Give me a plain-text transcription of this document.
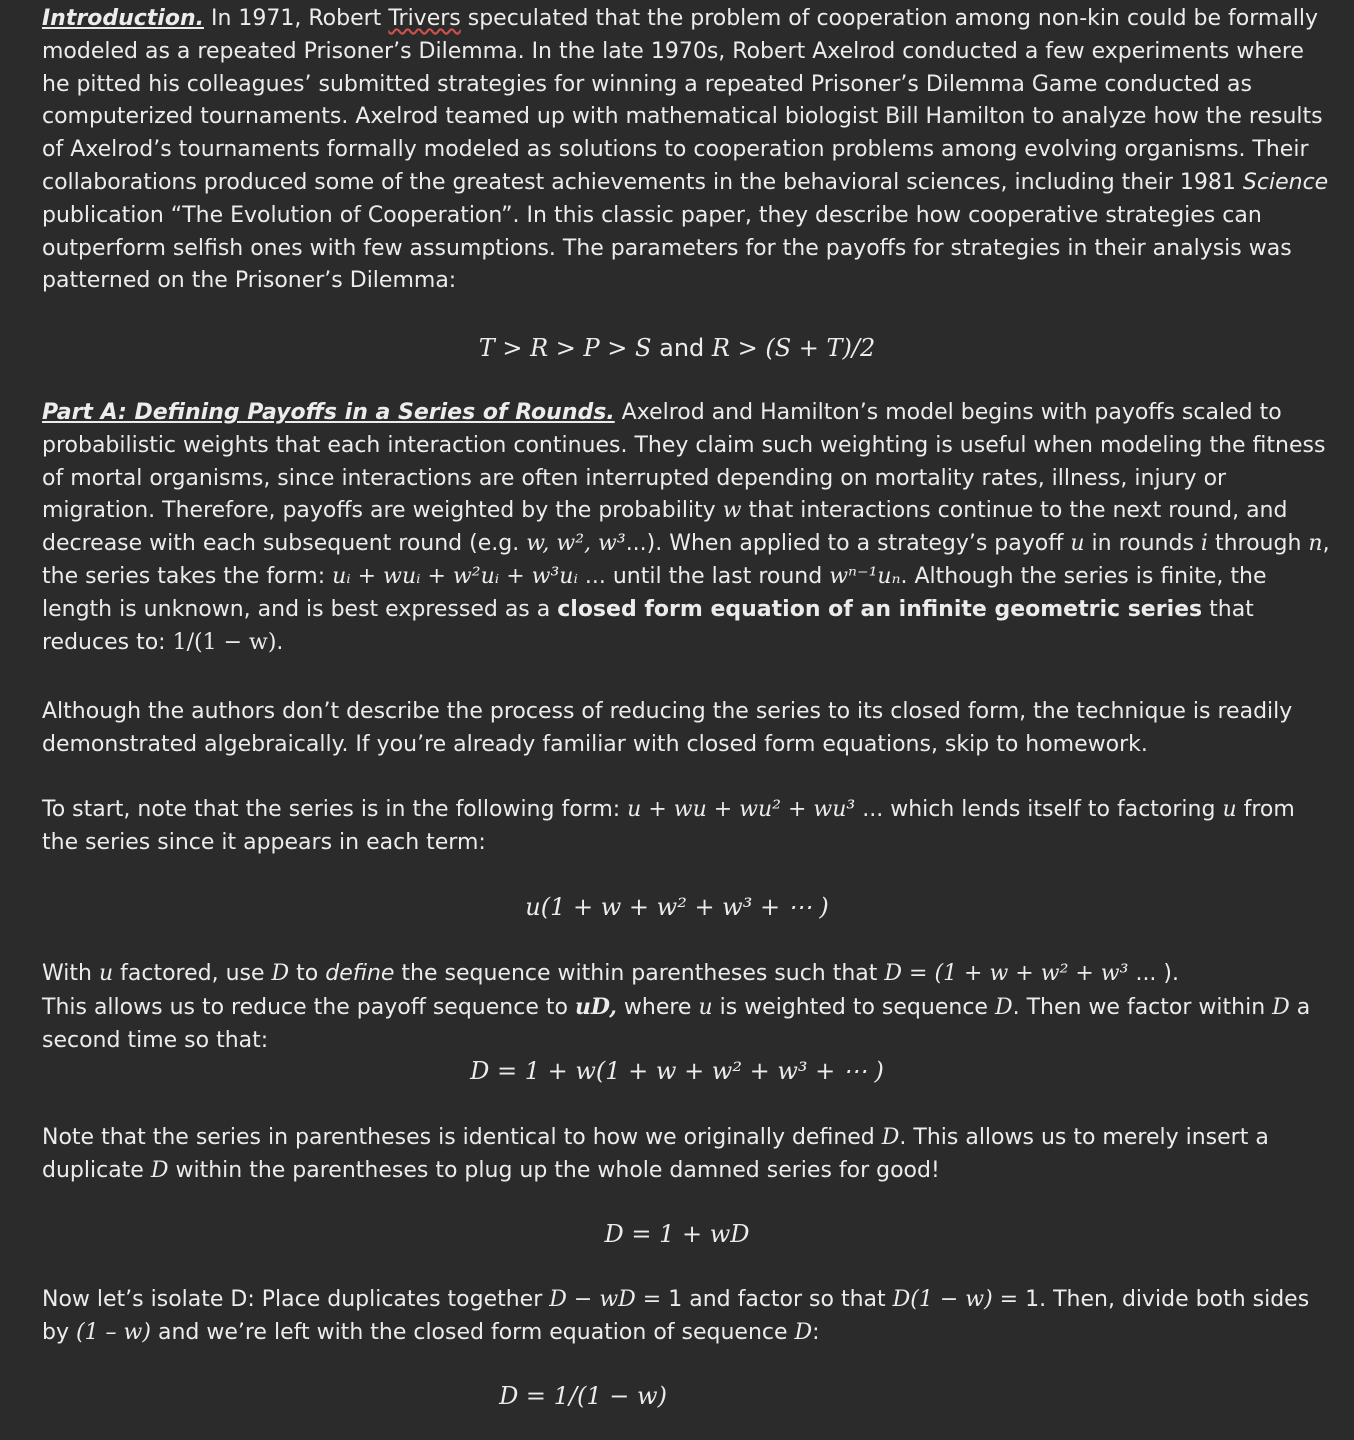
Introduction. In 1971, Robert Trivers speculated that the problem of cooperation among non-kin could be formally modeled as a repeated Prisoner’s Dilemma. In the late 1970s, Robert Axelrod conducted a few experiments where he pitted his colleagues’ submitted strategies for winning a repeated Prisoner’s Dilemma Game conducted as computerized tournaments. Axelrod teamed up with mathematical biologist Bill Hamilton to analyze how the results of Axelrod’s tournaments formally modeled as solutions to cooperation problems among evolving organisms. Their collaborations produced some of the greatest achievements in the behavioral sciences, including their 1981 Science publication “The Evolution of Cooperation”. In this classic paper, they describe how cooperative strategies can outperform selfish ones with few assumptions. The parameters for the payoffs for strategies in their analysis was patterned on the Prisoner’s Dilemma:

T > R > P > S and R > (S + T)/2

Part A: Defining Payoffs in a Series of Rounds. Axelrod and Hamilton’s model begins with payoffs scaled to probabilistic weights that each interaction continues. They claim such weighting is useful when modeling the fitness of mortal organisms, since interactions are often interrupted depending on mortality rates, illness, injury or migration. Therefore, payoffs are weighted by the probability w that interactions continue to the next round, and decrease with each subsequent round (e.g. w, w², w³...). When applied to a strategy’s payoff u in rounds i through n, the series takes the form: uᵢ + wuᵢ + w²uᵢ + w³uᵢ ... until the last round wⁿ⁻¹uₙ. Although the series is finite, the length is unknown, and is best expressed as a closed form equation of an infinite geometric series that reduces to: 1/(1 − w).

Although the authors don’t describe the process of reducing the series to its closed form, the technique is readily demonstrated algebraically. If you’re already familiar with closed form equations, skip to homework.

To start, note that the series is in the following form: u + wu + wu² + wu³ ... which lends itself to factoring u from the series since it appears in each term:

u(1 + w + w² + w³ + ⋯ )

With u factored, use D to define the sequence within parentheses such that D = (1 + w + w² + w³ ... ).
This allows us to reduce the payoff sequence to uD, where u is weighted to sequence D. Then we factor within D a second time so that:

D = 1 + w(1 + w + w² + w³ + ⋯ )

Note that the series in parentheses is identical to how we originally defined D. This allows us to merely insert a duplicate D within the parentheses to plug up the whole damned series for good!

D = 1 + wD

Now let’s isolate D: Place duplicates together D − wD = 1 and factor so that D(1 − w) = 1. Then, divide both sides by (1 – w) and we’re left with the closed form equation of sequence D:

D = 1/(1 − w)
